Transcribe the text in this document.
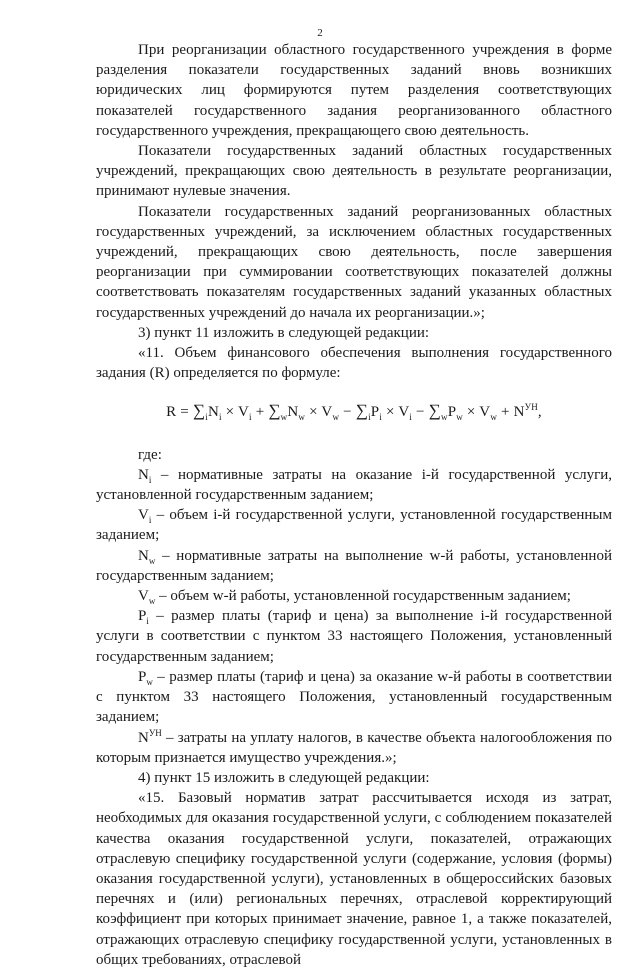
2

При реорганизации областного государственного учреждения в форме разделения показатели государственных заданий вновь возникших юридических лиц формируются путем разделения соответствующих показателей государственного задания реорганизованного областного государственного учреждения, прекращающего свою деятельность.

Показатели государственных заданий областных государственных учреждений, прекращающих свою деятельность в результате реорганизации, принимают нулевые значения.

Показатели государственных заданий реорганизованных областных государственных учреждений, за исключением областных государственных учреждений, прекращающих свою деятельность, после завершения реорганизации при суммировании соответствующих показателей должны соответствовать показателям государственных заданий указанных областных государственных учреждений до начала их реорганизации.»;

3) пункт 11 изложить в следующей редакции:

«11. Объем финансового обеспечения выполнения государственного задания (R) определяется по формуле:

$R = \sum_iN_i \times V_i + \sum_wN_w \times V_w - \sum_iP_i \times V_i - \sum_wP_w \times V_w + N^{УН}$,

где:

$N_i$ – нормативные затраты на оказание i-й государственной услуги, установленной государственным заданием;

$V_i$ – объем i-й государственной услуги, установленной государственным заданием;

$N_w$ – нормативные затраты на выполнение w-й работы, установленной государственным заданием;

$V_w$ – объем w-й работы, установленной государственным заданием;

$P_i$ – размер платы (тариф и цена) за выполнение i-й государственной услуги в соответствии с пунктом 33 настоящего Положения, установленный государственным заданием;

$P_w$ – размер платы (тариф и цена) за оказание w-й работы в соответствии с пунктом 33 настоящего Положения, установленный государственным заданием;

$N^{УН}$ – затраты на уплату налогов, в качестве объекта налогообложения по которым признается имущество учреждения.»;

4) пункт 15 изложить в следующей редакции:

«15. Базовый норматив затрат рассчитывается исходя из затрат, необходимых для оказания государственной услуги, с соблюдением показателей качества оказания государственной услуги, показателей, отражающих отраслевую специфику государственной услуги (содержание, условия (формы) оказания государственной услуги), установленных в общероссийских базовых перечнях и (или) региональных перечнях, отраслевой корректирующий коэффициент при которых принимает значение, равное 1, а также показателей, отражающих отраслевую специфику государственной услуги, установленных в общих требованиях, отраслевой
